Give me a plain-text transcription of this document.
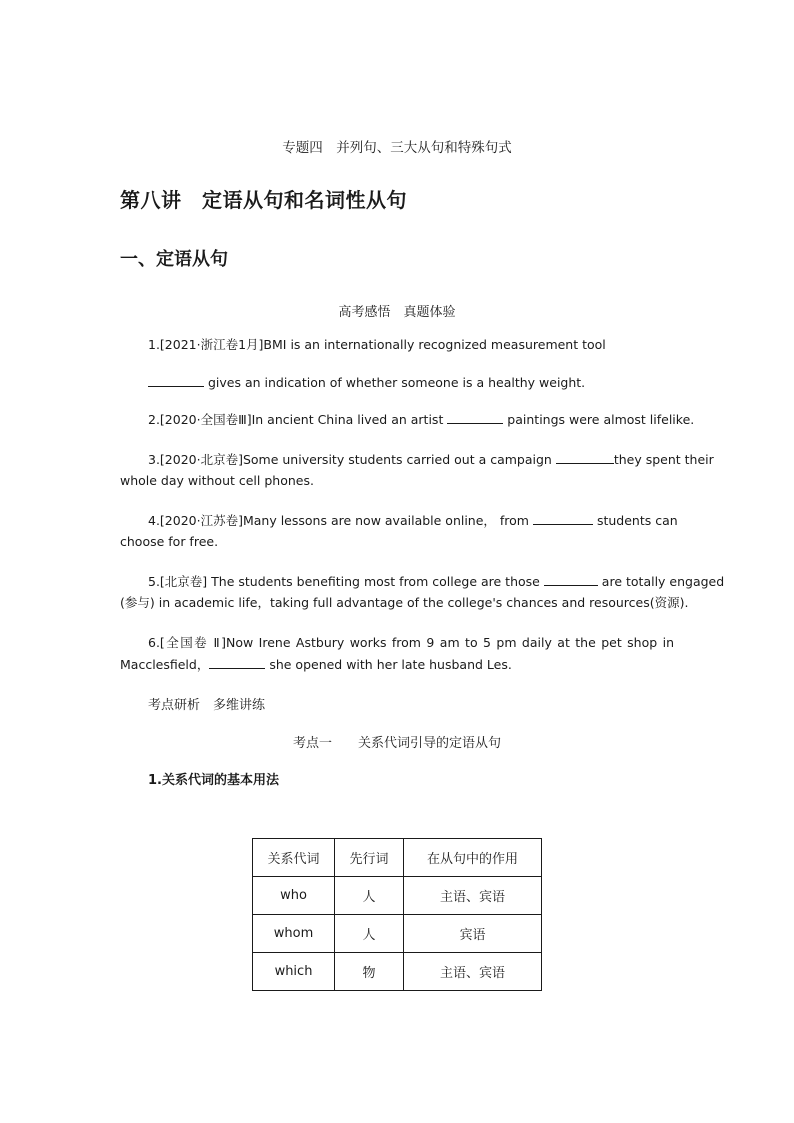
专题四　并列句、三大从句和特殊句式
第八讲　定语从句和名词性从句
一、定语从句
高考感悟　真题体验
1.[2021·浙江卷1月]BMI is an internationally recognized measurement tool
gives an indication of whether someone is a healthy weight.
2.[2020·全国卷Ⅲ]In ancient China lived an artist	paintings were almost lifelike.
3.[2020·北京卷]Some university students carried out a campaign	they spent their
whole day without cell phones.
4.[2020·江苏卷]Many lessons are now available online， from	students can
choose for free.
5.[北京卷] The students benefiting most from college are those	are totally engaged
(参与) in academic life，taking full advantage of the college's chances and resources(资源).
6.[全国卷 Ⅱ]Now Irene Astbury works from 9 am to 5 pm daily at the pet shop in
Macclesfield，	she opened with her late husband Les.
考点研析　多维讲练
考点一　　关系代词引导的定语从句
1.关系代词的基本用法
关系代词	先行词	在从句中的作用
who	人	主语、宾语
whom	人	宾语
which	物	主语、宾语
